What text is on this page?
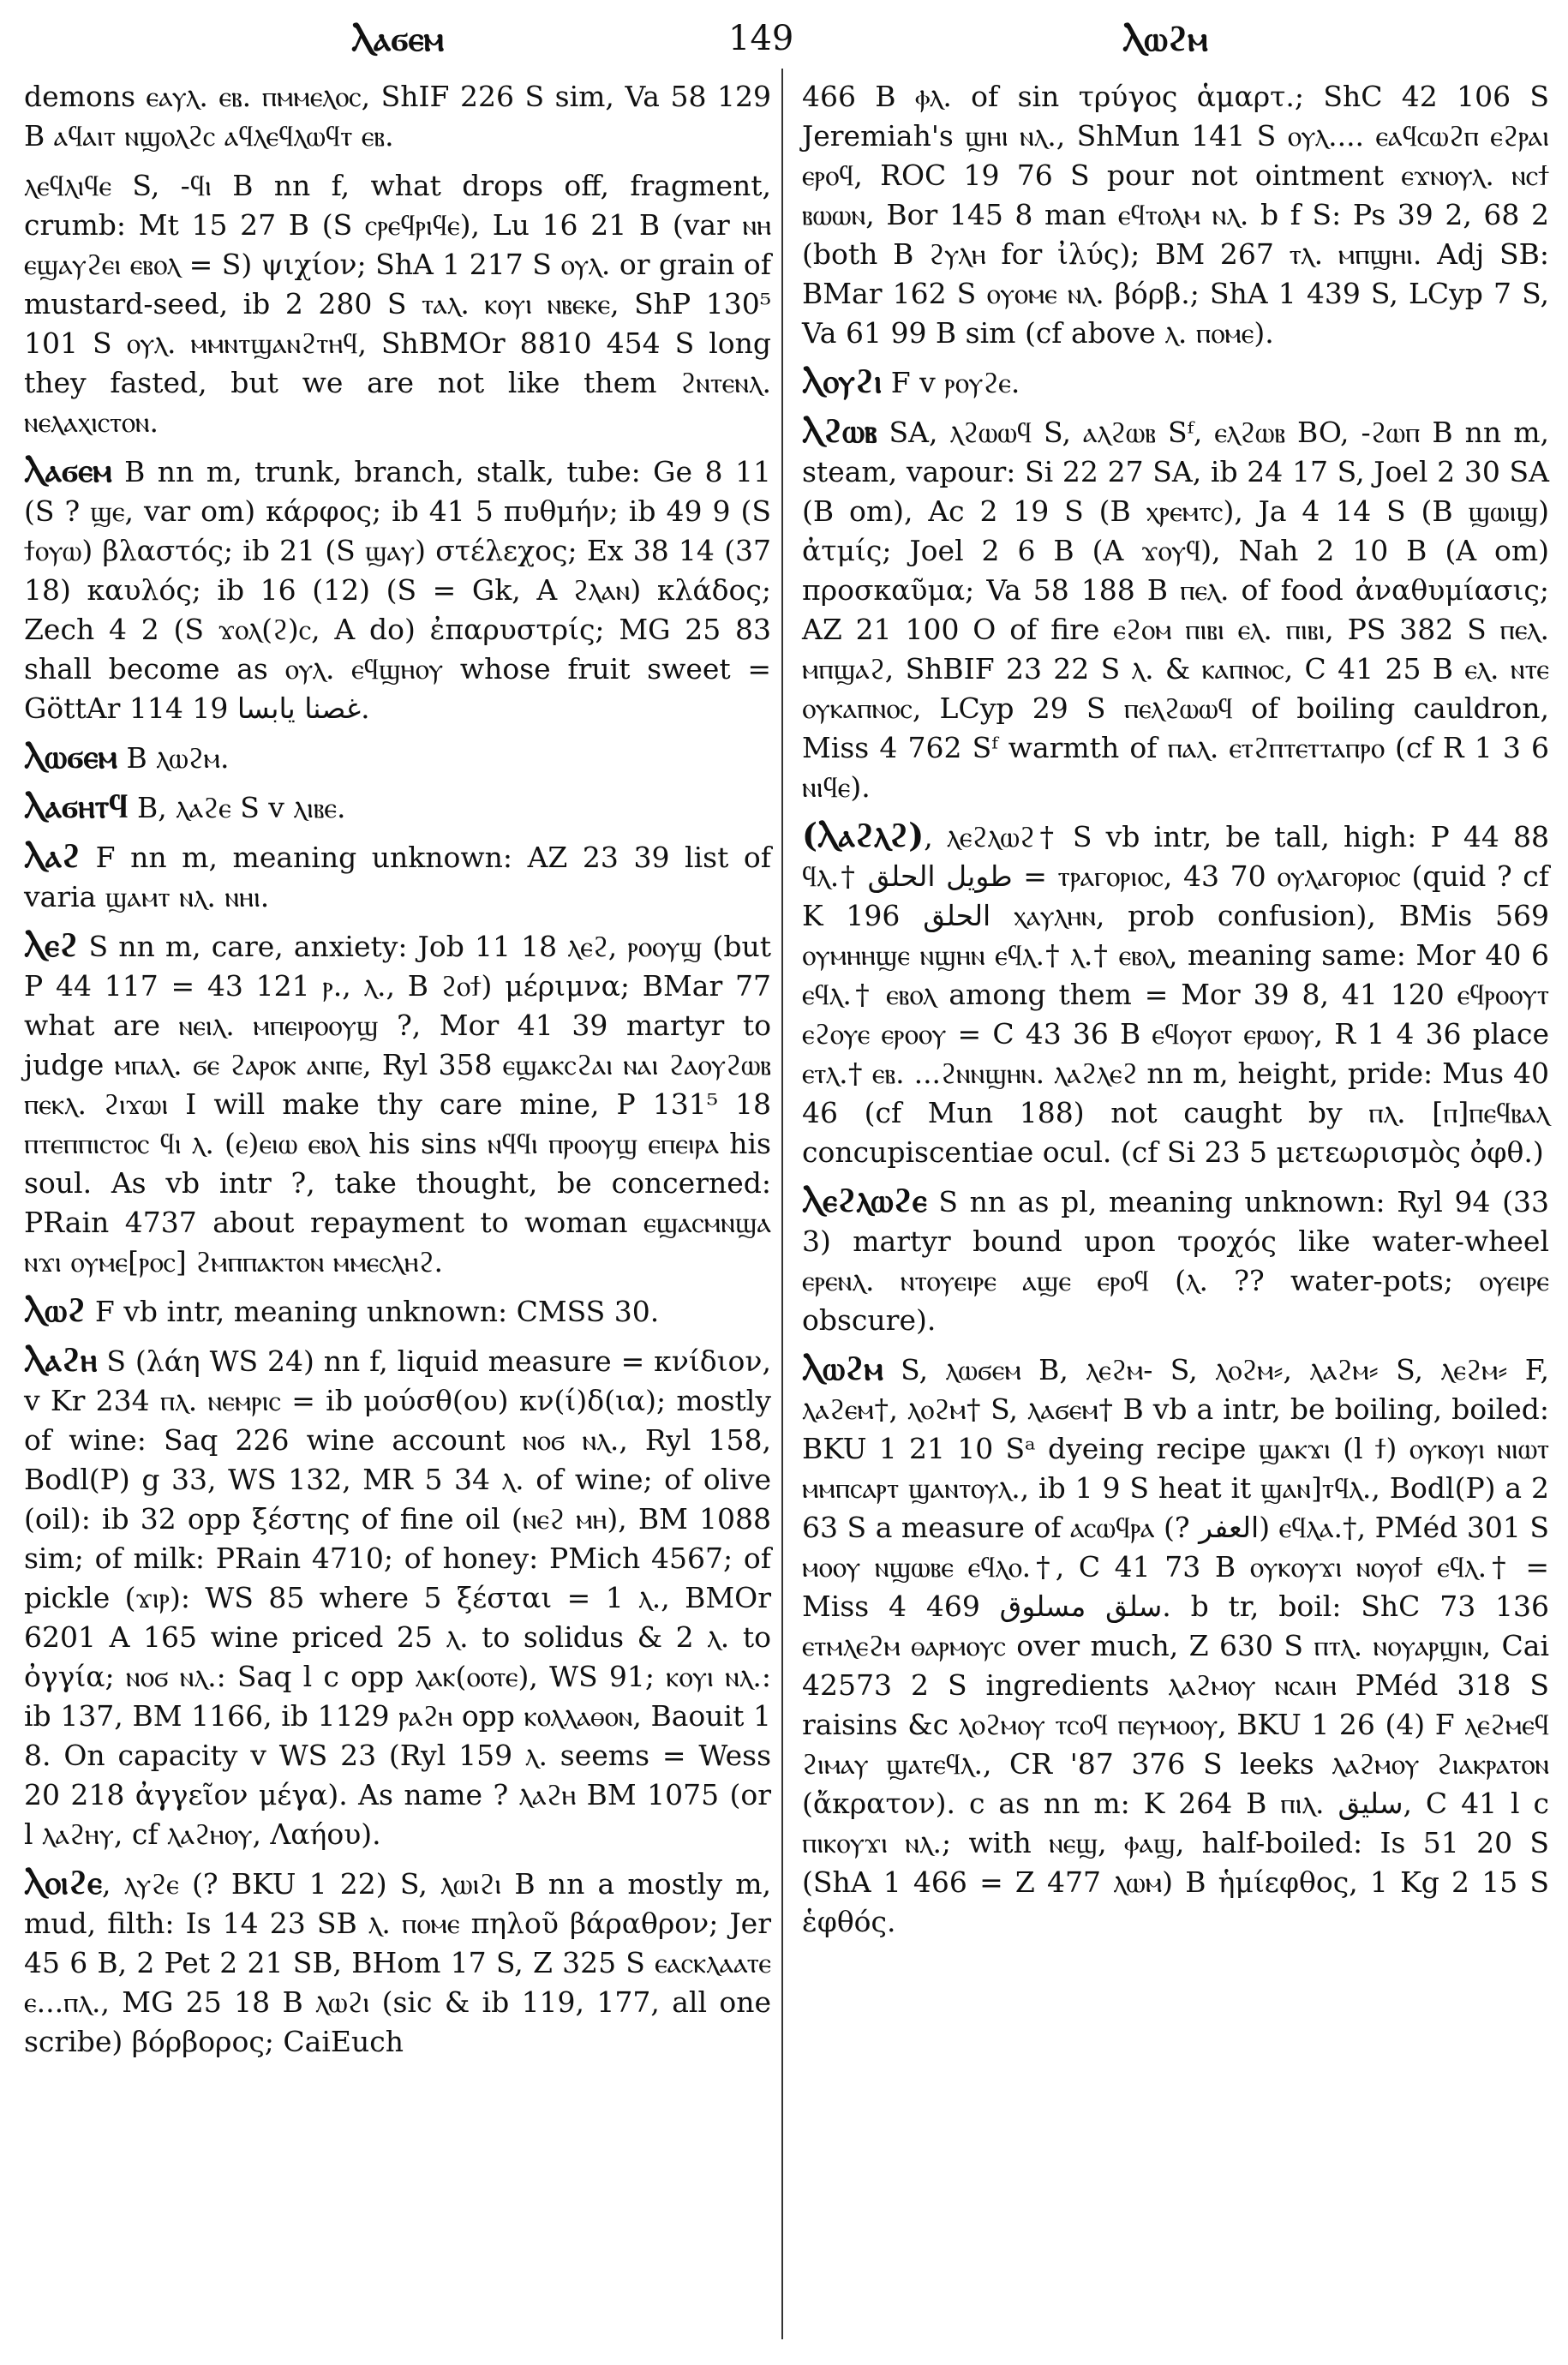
Ⲗⲁϭⲉⲙ	149	Ⲗⲱϩⲙ

demons ⲉⲁⲩⲗ. ⲉⲃ. ⲡⲙⲙⲉⲗⲟⲥ, ShIF 226 S sim, Va 58 129 B ⲁϥⲁⲓⲧ ⲛϣⲟⲗϩⲥ ⲁϥⲗⲉϥⲗⲱϥⲧ ⲉⲃ.

ⲗⲉϥⲗⲓϥⲉ S, -ϥⲓ B nn f, what drops off, fragment, crumb: Mt 15 27 B (S ⲥⲣⲉϥⲣⲓϥⲉ), Lu 16 21 B (var ⲛⲏ ⲉϣⲁⲩϩⲉⲓ ⲉⲃⲟⲗ = S) ψιχίον; ShA 1 217 S ⲟⲩⲗ. or grain of mustard-seed, ib 2 280 S ⲧⲁⲗ. ⲕⲟⲩⲓ ⲛⲃⲉⲕⲉ, ShP 130⁵ 101 S ⲟⲩⲗ. ⲙⲙⲛⲧϣⲁⲛϩⲧⲏϥ, ShBMOr 8810 454 S long they fasted, but we are not like them ϩⲛⲧⲉⲛⲗ. ⲛⲉⲗⲁⲭⲓⲥⲧⲟⲛ.

Ⲗⲁϭⲉⲙ B nn m, trunk, branch, stalk, tube: Ge 8 11 (S ? ϣⲉ, var om) κάρφος; ib 41 5 πυθμήν; ib 49 9 (S ϯⲟⲩⲱ) βλαστός; ib 21 (S ϣⲁⲩ) στέλεχος; Ex 38 14 (37 18) καυλός; ib 16 (12) (S = Gk, A ϩⲗⲁⲛ) κλάδος; Zech 4 2 (S ϫⲟⲗ(ϩ)ⲥ, A do) ἐπαρυστρίς; MG 25 83 shall become as ⲟⲩⲗ. ⲉϥϣⲏⲟⲩ whose fruit sweet = GöttAr 114 19 غصنا يابسا.

Ⲗⲱϭⲉⲙ B ⲗⲱϩⲙ.

Ⲗⲁϭⲏⲧϥ B, ⲗⲁϩⲉ S v ⲗⲓⲃⲉ.

Ⲗⲁϩ F nn m, meaning unknown: AZ 23 39 list of varia ϣⲁⲙⲧ ⲛⲗ. ⲛⲏⲓ.

Ⲗⲉϩ S nn m, care, anxiety: Job 11 18 ⲗⲉϩ, ⲣⲟⲟⲩϣ (but P 44 117 = 43 121 ⲣ., ⲗ., B ϩⲟϯ) μέριμνα; BMar 77 what are ⲛⲉⲓⲗ. ⲙⲡⲉⲓⲣⲟⲟⲩϣ ?, Mor 41 39 martyr to judge ⲙⲡⲁⲗ. ϭⲉ ϩⲁⲣⲟⲕ ⲁⲛⲡⲉ, Ryl 358 ⲉϣⲁⲕⲥϩⲁⲓ ⲛⲁⲓ ϩⲁⲟⲩϩⲱⲃ ⲡⲉⲕⲗ. ϩⲓϫⲱⲓ I will make thy care mine, P 131⁵ 18 ⲡⲧⲉⲡⲡⲓⲥⲧⲟⲥ ϥⲓ ⲗ. (ⲉ)ⲉⲓⲱ ⲉⲃⲟⲗ his sins ⲛϥϥⲓ ⲡⲣⲟⲟⲩϣ ⲉⲡⲉⲓⲣⲁ his soul. As vb intr ?, take thought, be concerned: PRain 4737 about repayment to woman ⲉϣⲁⲥⲙⲛϣⲁ ⲛϫⲓ ⲟⲩⲙⲉ[ⲣⲟⲥ] ϩⲙⲡⲡⲁⲕⲧⲟⲛ ⲙⲙⲉⲥⲗⲏϩ.

Ⲗⲱϩ F vb intr, meaning unknown: CMSS 30.

Ⲗⲁϩⲏ S (λάη WS 24) nn f, liquid measure = κνίδιον, v Kr 234 ⲡⲗ. ⲛⲉⲙⲣⲓⲥ = ib μούσθ(ου) κν(ί)δ(ια); mostly of wine: Saq 226 wine account ⲛⲟϭ ⲛⲗ., Ryl 158, Bodl(P) g 33, WS 132, MR 5 34 ⲗ. of wine; of olive (oil): ib 32 opp ξέστης of fine oil (ⲛⲉϩ ⲙⲏ), BM 1088 sim; of milk: PRain 4710; of honey: PMich 4567; of pickle (ϫⲓⲣ): WS 85 where 5 ξέσται = 1 ⲗ., BMOr 6201 A 165 wine priced 25 ⲗ. to solidus & 2 ⲗ. to ὀγγία; ⲛⲟϭ ⲛⲗ.: Saq l c opp ⲗⲁⲕ(ⲟⲟⲧⲉ), WS 91; ⲕⲟⲩⲓ ⲛⲗ.: ib 137, BM 1166, ib 1129 ⲣⲁϩⲏ opp ⲕⲟⲗⲗⲁⲑⲟⲛ, Baouit 1 8. On capacity v WS 23 (Ryl 159 ⲗ. seems = Wess 20 218 ἀγγεῖον μέγα). As name ? ⲗⲁϩⲏ BM 1075 (or l ⲗⲁϩⲏⲩ, cf ⲗⲁϩⲏⲟⲩ, Λαήου).

Ⲗⲟⲓϩⲉ, ⲗⲩϩⲉ (? BKU 1 22) S, ⲗⲱⲓϩⲓ B nn a mostly m, mud, filth: Is 14 23 SB ⲗ. ⲡⲟⲙⲉ πηλοῦ βάραθρον; Jer 45 6 B, 2 Pet 2 21 SB, BHom 17 S, Z 325 S ⲉⲁⲥⲕⲗⲁⲁⲧⲉ ⲉ...ⲡⲗ., MG 25 18 B ⲗⲱϩⲓ (sic & ib 119, 177, all one scribe) βόρβορος; CaiEuch

466 B ⲫⲗ. of sin τρύγος ἁμαρτ.; ShC 42 106 S Jeremiah's ϣⲏⲓ ⲛⲗ., ShMun 141 S ⲟⲩⲗ.... ⲉⲁϥⲥⲱϩⲡ ⲉϩⲣⲁⲓ ⲉⲣⲟϥ, ROC 19 76 S pour not ointment ⲉϫⲛⲟⲩⲗ. ⲛⲥϯ ⲃⲱⲱⲛ, Bor 145 8 man ⲉϥⲧⲟⲗⲙ ⲛⲗ. b f S: Ps 39 2, 68 2 (both B ϩⲩⲗⲏ for ἰλύς); BM 267 ⲧⲗ. ⲙⲡϣⲏⲓ. Adj SB: BMar 162 S ⲟⲩⲟⲙⲉ ⲛⲗ. βόρβ.; ShA 1 439 S, LCyp 7 S, Va 61 99 B sim (cf above ⲗ. ⲡⲟⲙⲉ).

Ⲗⲟⲩϩⲓ F v ⲣⲟⲩϩⲉ.

Ⲗϩⲱⲃ SA, ⲗϩⲱⲱϥ S, ⲁⲗϩⲱⲃ Sᶠ, ⲉⲗϩⲱⲃ BO, -ϩⲱⲡ B nn m, steam, vapour: Si 22 27 SA, ib 24 17 S, Joel 2 30 SA (B om), Ac 2 19 S (B ⲭⲣⲉⲙⲧⲥ), Ja 4 14 S (B ϣⲱⲓϣ) ἀτμίς; Joel 2 6 B (A ϫⲟⲩϥ), Nah 2 10 B (A om) προσκαῦμα; Va 58 188 B ⲡⲉⲗ. of food ἀναθυμίασις; AZ 21 100 O of fire ⲉϩⲟⲙ ⲡⲓⲃⲓ ⲉⲗ. ⲡⲓⲃⲓ, PS 382 S ⲡⲉⲗ. ⲙⲡϣⲁϩ, ShBIF 23 22 S ⲗ. & ⲕⲁⲡⲛⲟⲥ, C 41 25 B ⲉⲗ. ⲛⲧⲉ ⲟⲩⲕⲁⲡⲛⲟⲥ, LCyp 29 S ⲡⲉⲗϩⲱⲱϥ of boiling cauldron, Miss 4 762 Sᶠ warmth of ⲡⲁⲗ. ⲉⲧϩⲡⲧⲉⲧⲧⲁⲡⲣⲟ (cf R 1 3 6 ⲛⲓϥⲉ).

(Ⲗⲁϩⲗϩ), ⲗⲉϩⲗⲱϩ† S vb intr, be tall, high: P 44 88 ϥⲗ.† طويل الحلق = ⲧⲣⲁⲅⲟⲣⲓⲟⲥ, 43 70 ⲟⲩⲗⲁⲅⲟⲣⲓⲟⲥ (quid ? cf K 196 الحلق ⲭⲁⲩⲗⲏⲛ, prob confusion), BMis 569 ⲟⲩⲙⲏⲏϣⲉ ⲛϣⲏⲛ ⲉϥⲗ.† ⲗ.† ⲉⲃⲟⲗ, meaning same: Mor 40 6 ⲉϥⲗ.† ⲉⲃⲟⲗ among them = Mor 39 8, 41 120 ⲉϥⲣⲟⲟⲩⲧ ⲉϩⲟⲩⲉ ⲉⲣⲟⲟⲩ = C 43 36 B ⲉϥⲟⲩⲟⲧ ⲉⲣⲱⲟⲩ, R 1 4 36 place ⲉⲧⲗ.† ⲉⲃ. ...ϩⲛⲛϣⲏⲛ. ⲗⲁϩⲗⲉϩ nn m, height, pride: Mus 40 46 (cf Mun 188) not caught by ⲡⲗ. [ⲡ]ⲡⲉϥⲃⲁⲗ concupiscentiae ocul. (cf Si 23 5 μετεωρισμὸς ὀφθ.)

Ⲗⲉϩⲗⲱϩⲉ S nn as pl, meaning unknown: Ryl 94 (33 3) martyr bound upon τροχός like water-wheel ⲉⲣⲉⲛⲗ. ⲛⲧⲟⲩⲉⲓⲣⲉ ⲁϣⲉ ⲉⲣⲟϥ (ⲗ. ?? water-pots; ⲟⲩⲉⲓⲣⲉ obscure).

Ⲗⲱϩⲙ S, ⲗⲱϭⲉⲙ B, ⲗⲉϩⲙ- S, ⲗⲟϩⲙ⸗, ⲗⲁϩⲙ⸗ S, ⲗⲉϩⲙ⸗ F, ⲗⲁϩⲉⲙ†, ⲗⲟϩⲙ† S, ⲗⲁϭⲉⲙ† B vb a intr, be boiling, boiled: BKU 1 21 10 Sᵃ dyeing recipe ϣⲁⲕϫⲓ (l ϯ) ⲟⲩⲕⲟⲩⲓ ⲛⲓⲱⲧ ⲙⲙⲡⲥⲁⲣⲧ ϣⲁⲛⲧⲟⲩⲗ., ib 1 9 S heat it ϣⲁⲛ]ⲧϥⲗ., Bodl(P) a 2 63 S a measure of ⲁⲥⲱϥⲣⲁ (? العفر) ⲉϥⲗⲁ.†, PMéd 301 S ⲙⲟⲟⲩ ⲛϣⲱⲃⲉ ⲉϥⲗⲟ.†, C 41 73 B ⲟⲩⲕⲟⲩϫⲓ ⲛⲟⲩⲟϯ ⲉϥⲗ.† = Miss 4 469 سلق مسلوق. b tr, boil: ShC 73 136 ⲉⲧⲙⲗⲉϩⲙ ⲑⲁⲣⲙⲟⲩⲥ over much, Z 630 S ⲡⲧⲗ. ⲛⲟⲩⲁⲣϣⲓⲛ, Cai 42573 2 S ingredients ⲗⲁϩⲙⲟⲩ ⲛⲥⲁⲓⲏ PMéd 318 S raisins &c ⲗⲟϩⲙⲟⲩ ⲧⲥⲟϥ ⲡⲉⲩⲙⲟⲟⲩ, BKU 1 26 (4) F ⲗⲉϩⲙⲉϥ ϩⲓⲙⲁⲩ ϣⲁⲧⲉϥⲗ., CR '87 376 S leeks ⲗⲁϩⲙⲟⲩ ϩⲓⲁⲕⲣⲁⲧⲟⲛ (ἄκρατον). c as nn m: K 264 B ⲡⲓⲗ. سليق, C 41 l c ⲡⲓⲕⲟⲩϫⲓ ⲛⲗ.; with ⲛⲉϣ, ⲫⲁϣ, half-boiled: Is 51 20 S (ShA 1 466 = Z 477 ⲗⲱⲙ) B ἡμίεφθος, 1 Kg 2 15 S ἑφθός.
